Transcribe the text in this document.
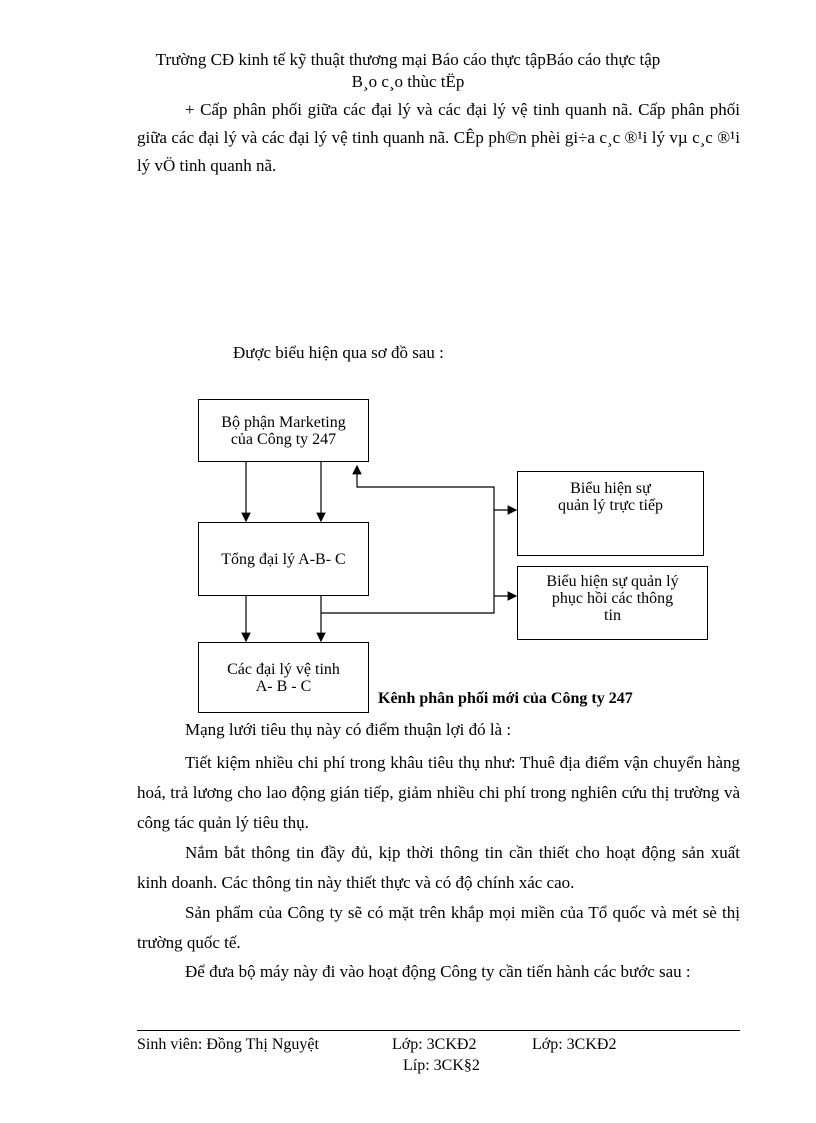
Trường CĐ kinh tế kỹ thuật thương mại Báo cáo thực tậpBáo cáo thực tập
B¸o c¸o thùc tËp
+ Cấp phân phối giữa các đại lý và các đại lý vệ tinh quanh nã. Cấp phân phối giữa các đại lý và các đại lý vệ tinh quanh nã. CÊp ph©n phèi gi÷a c¸c ®¹i lý vµ c¸c ®¹i lý vÖ tinh quanh nã.
Được biểu hiện qua sơ đồ sau :
Bộ phận Marketing
của Công ty 247
Tổng đại lý A-B- C
Các đại lý vệ tinh
A- B - C
Biểu hiện sự
quản lý trực tiếp
Biểu hiện sự quản lý
phục hồi các thông
tin
Kênh phân phối mới của Công ty 247
Mạng lưới tiêu thụ này có điểm thuận lợi đó là :
Tiết kiệm nhiều chi phí trong khâu tiêu thụ như: Thuê địa điểm vận chuyển hàng hoá, trả lương cho lao động gián tiếp, giảm nhiều chi phí trong nghiên cứu thị trường và công tác quản lý tiêu thụ.
Nắm bắt thông tin đầy đủ, kịp thời thông tin cần thiết cho hoạt động sản xuất kinh doanh. Các thông tin này thiết thực và có độ chính xác cao.
Sản phẩm của Công ty sẽ có mặt trên khắp mọi miền của Tổ quốc và mét sè thị trường quốc tế.
Để đưa bộ máy này đi vào hoạt động Công ty cần tiến hành các bước sau :
Sinh viên: Đồng Thị Nguyệt	Lớp: 3CKĐ2	Lớp: 3CKĐ2
Líp: 3CK§2
